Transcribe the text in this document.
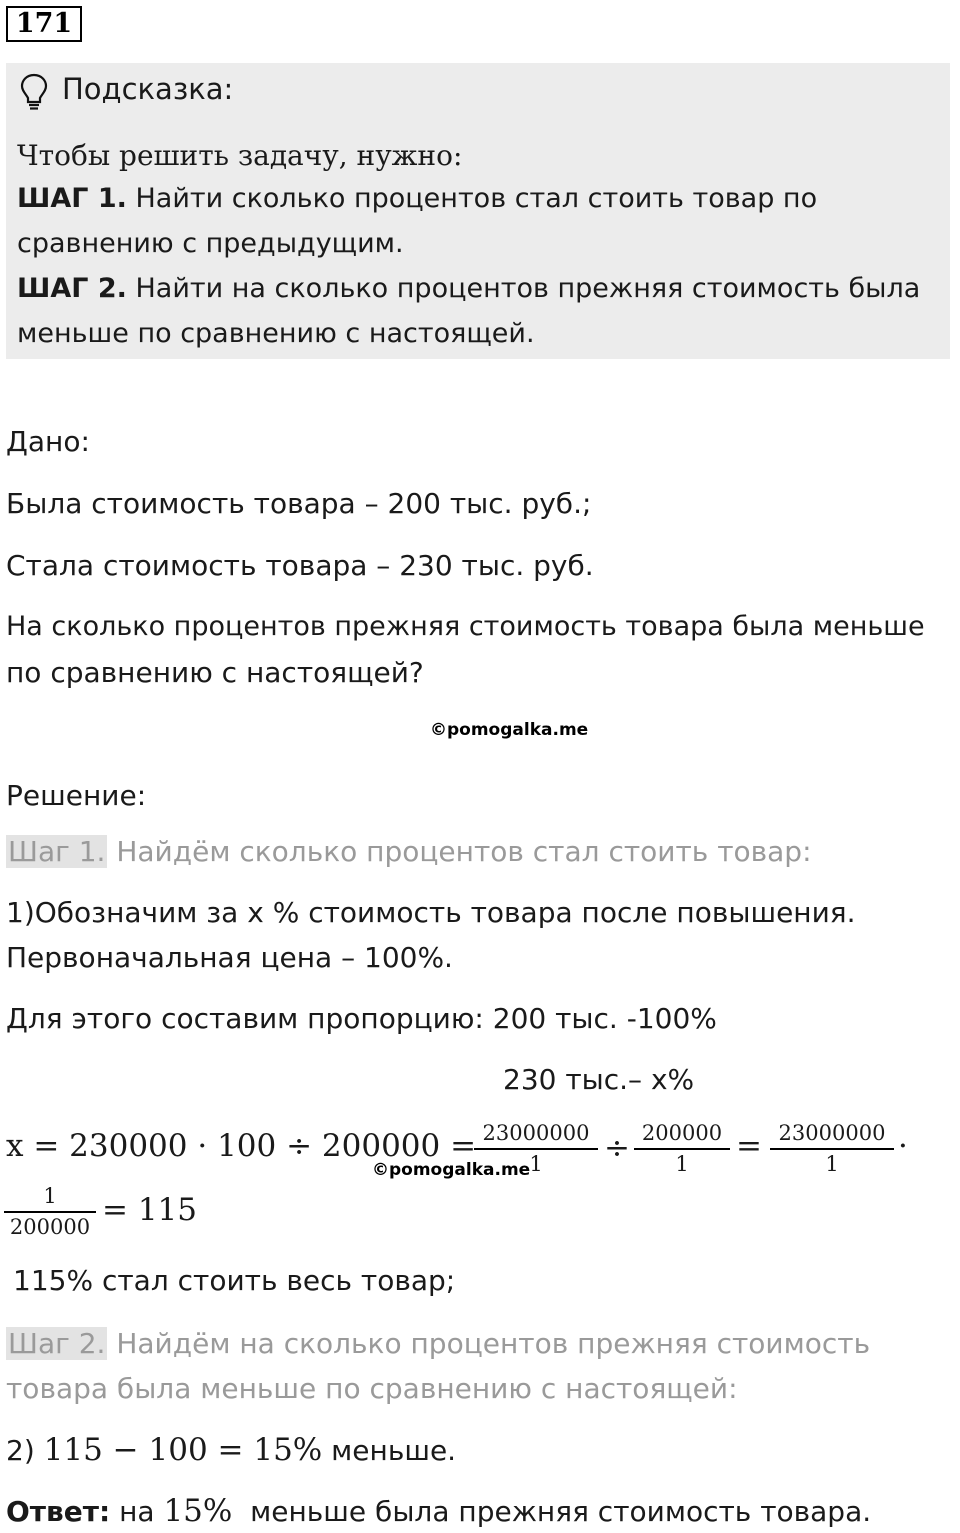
171
Подсказка:
Чтобы решить задачу, нужно:
ШАГ 1. Найти сколько процентов стал стоить товар по
сравнению с предыдущим.
ШАГ 2. Найти на сколько процентов прежняя стоимость была
меньше по сравнению с настоящей.
Дано:
Была стоимость товара – 200 тыс. руб.;
Стала стоимость товара – 230 тыс. руб.
На сколько процентов прежняя стоимость товара была меньше
по сравнению с настоящей?
©pomogalka.me
Решение:
Шаг 1. Найдём сколько процентов стал стоить товар:
1)Обозначим за x % стоимость товара после повышения.
Первоначальная цена – 100%.
Для этого составим пропорцию: 200 тыс. -100%
230 тыс.– x%
x = 230000 · 100 ÷ 200000 = 23000000
1
©pomogalka.me
÷ 200000
1	= 23000000
1	·
1
200000 = 115
115% стал стоить весь товар;
Шаг 2. Найдём на сколько процентов прежняя стоимость
товара была меньше по сравнению с настоящей:
2) 115 − 100 = 15% меньше.
Ответ: на 15%  меньше была прежняя стоимость товара.
